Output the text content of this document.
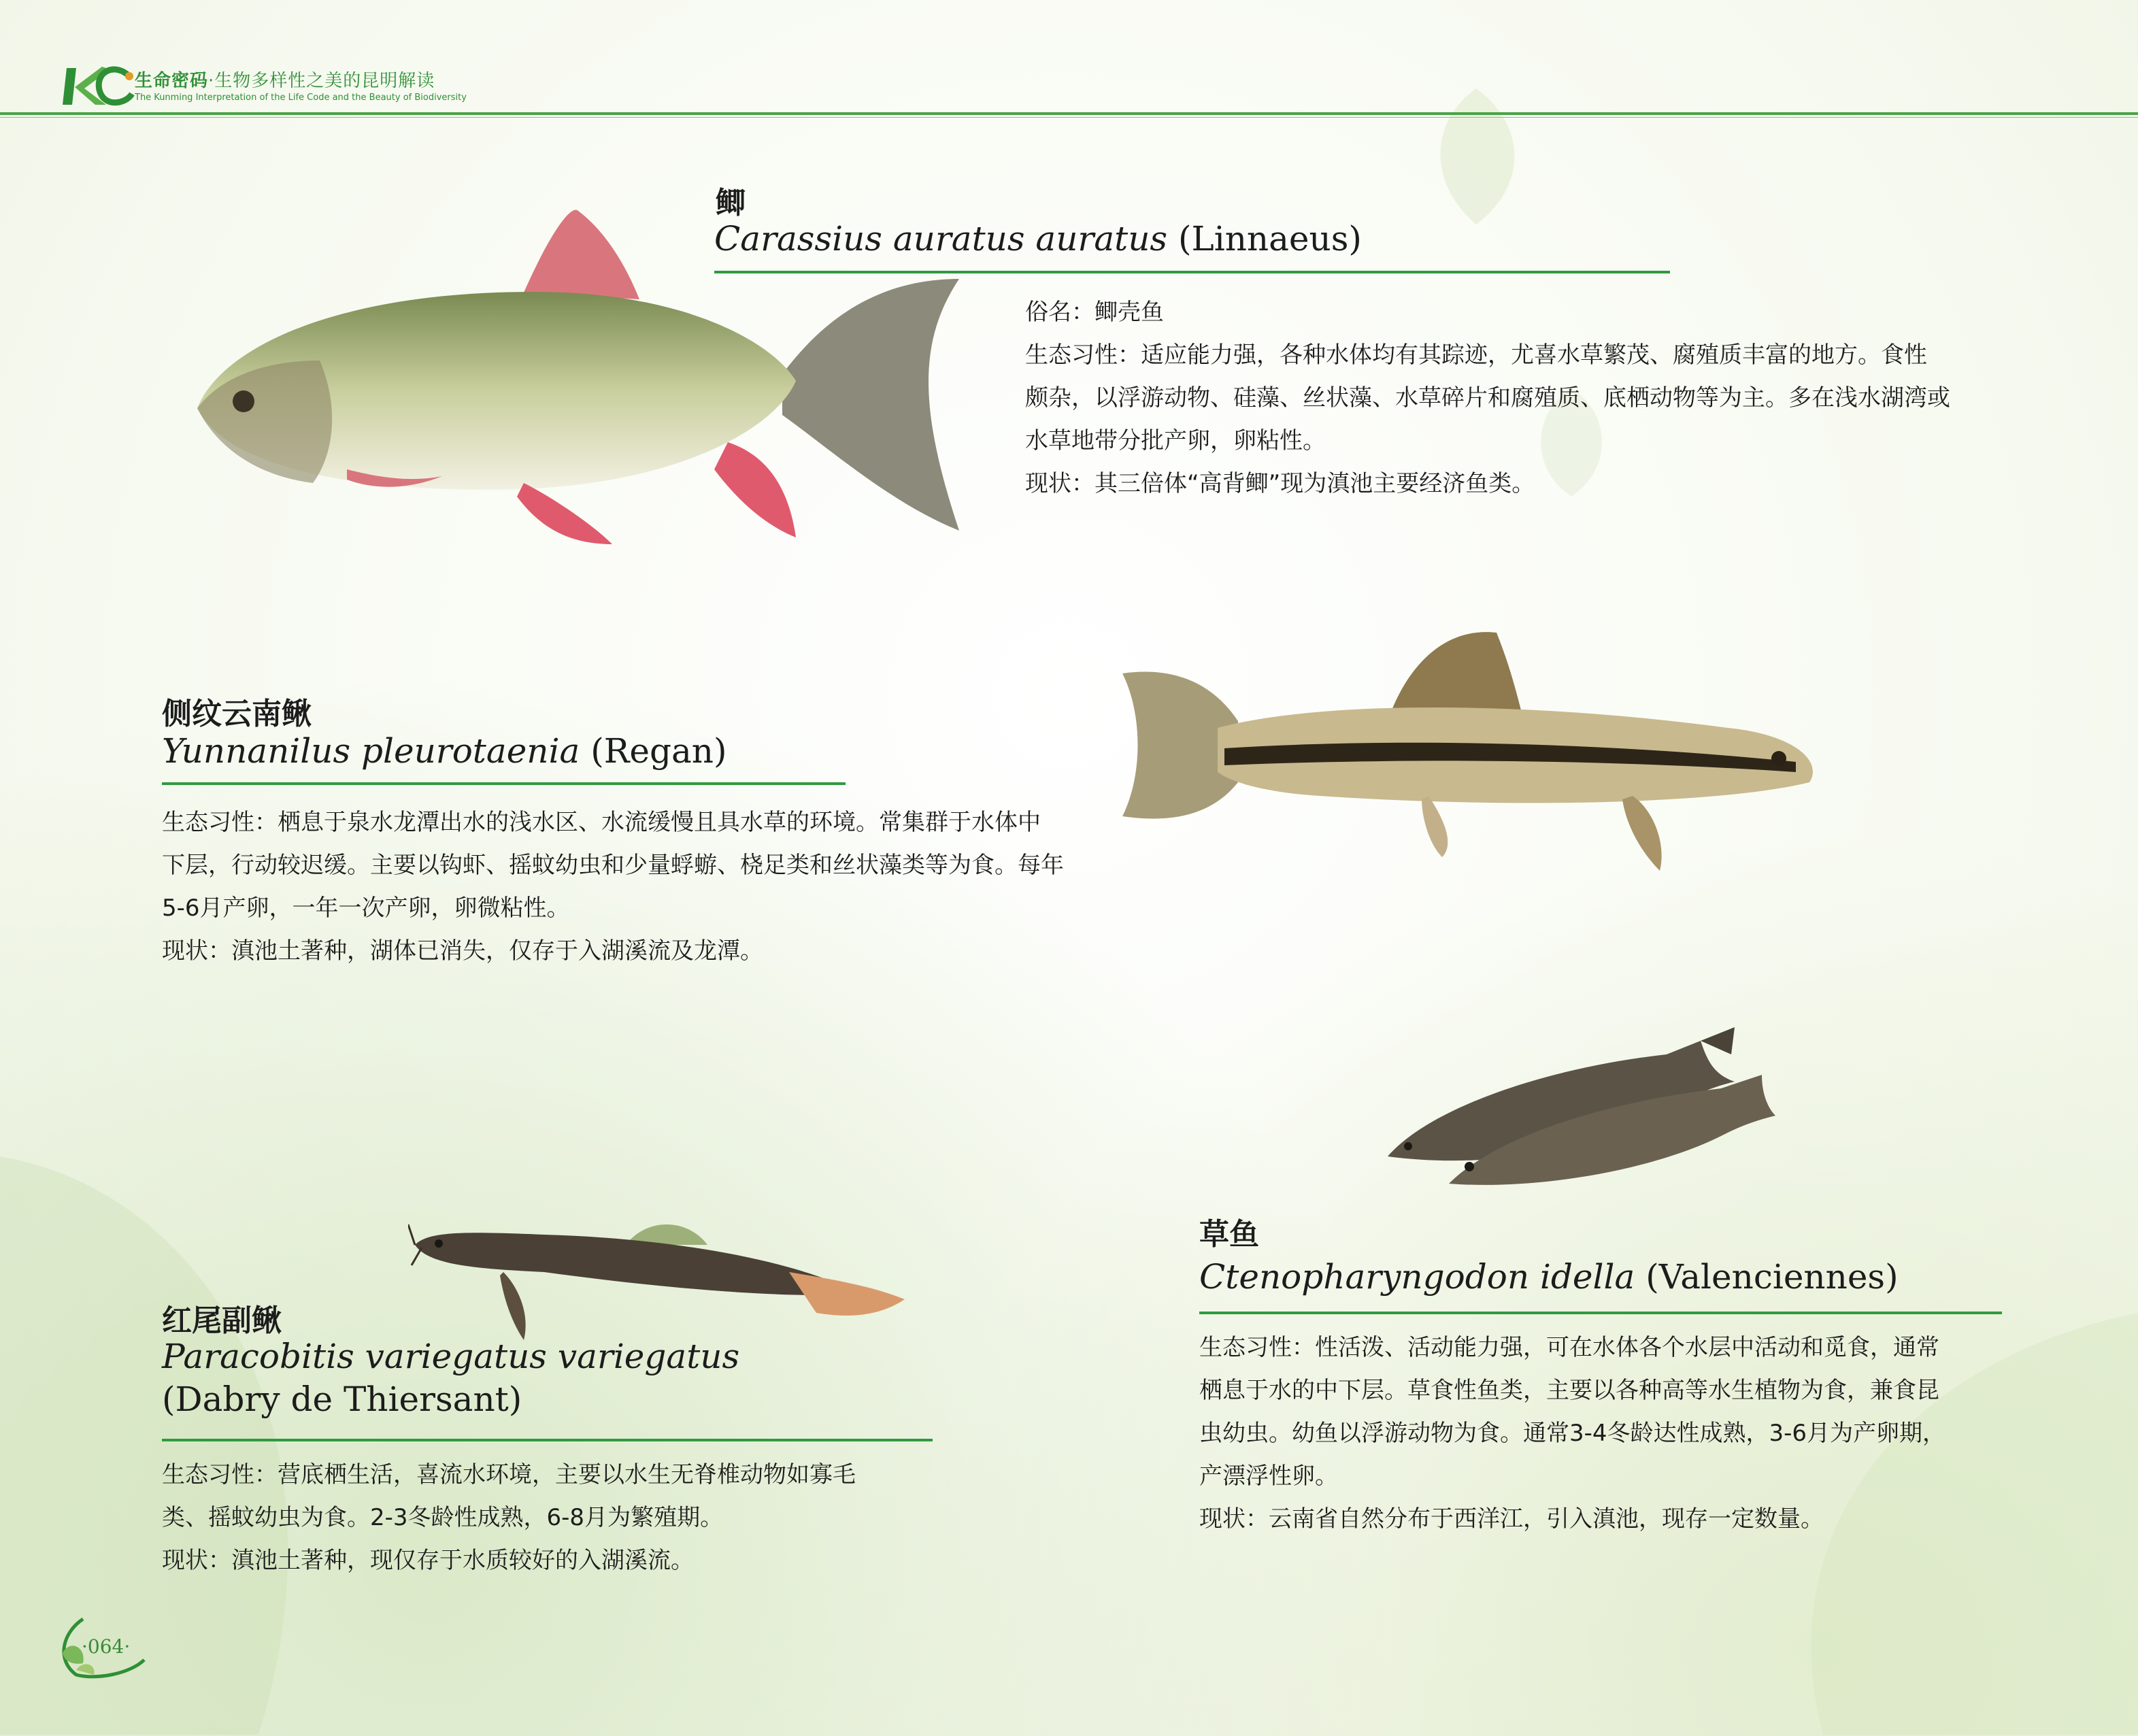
生命密码·生物多样性之美的昆明解读
The Kunming Interpretation of the Life Code and the Beauty of Biodiversity
鲫
Carassius auratus auratus (Linnaeus)

俗名：鲫壳鱼

生态习性：适应能力强，各种水体均有其踪迹，尤喜水草繁茂、腐殖质丰富的地方。食性

颇杂，以浮游动物、硅藻、丝状藻、水草碎片和腐殖质、底栖动物等为主。多在浅水湖湾或

水草地带分批产卵，卵粘性。

现状：其三倍体“高背鲫”现为滇池主要经济鱼类。

侧纹云南鳅
Yunnanilus pleurotaenia (Regan)

生态习性：栖息于泉水龙潭出水的浅水区、水流缓慢且具水草的环境。常集群于水体中

下层，行动较迟缓。主要以钩虾、摇蚊幼虫和少量蜉蝣、桡足类和丝状藻类等为食。每年

5-6月产卵，一年一次产卵，卵微粘性。

现状：滇池土著种，湖体已消失，仅存于入湖溪流及龙潭。

草鱼
Ctenopharyngodon idella (Valenciennes)

生态习性：性活泼、活动能力强，可在水体各个水层中活动和觅食，通常

栖息于水的中下层。草食性鱼类，主要以各种高等水生植物为食，兼食昆

虫幼虫。幼鱼以浮游动物为食。通常3-4冬龄达性成熟，3-6月为产卵期，

产漂浮性卵。

现状：云南省自然分布于西洋江，引入滇池，现存一定数量。

红尾副鳅
Paracobitis variegatus variegatus
(Dabry de Thiersant)

生态习性：营底栖生活，喜流水环境，主要以水生无脊椎动物如寡毛

类、摇蚊幼虫为食。2-3冬龄性成熟，6-8月为繁殖期。

现状：滇池土著种，现仅存于水质较好的入湖溪流。

·064·
